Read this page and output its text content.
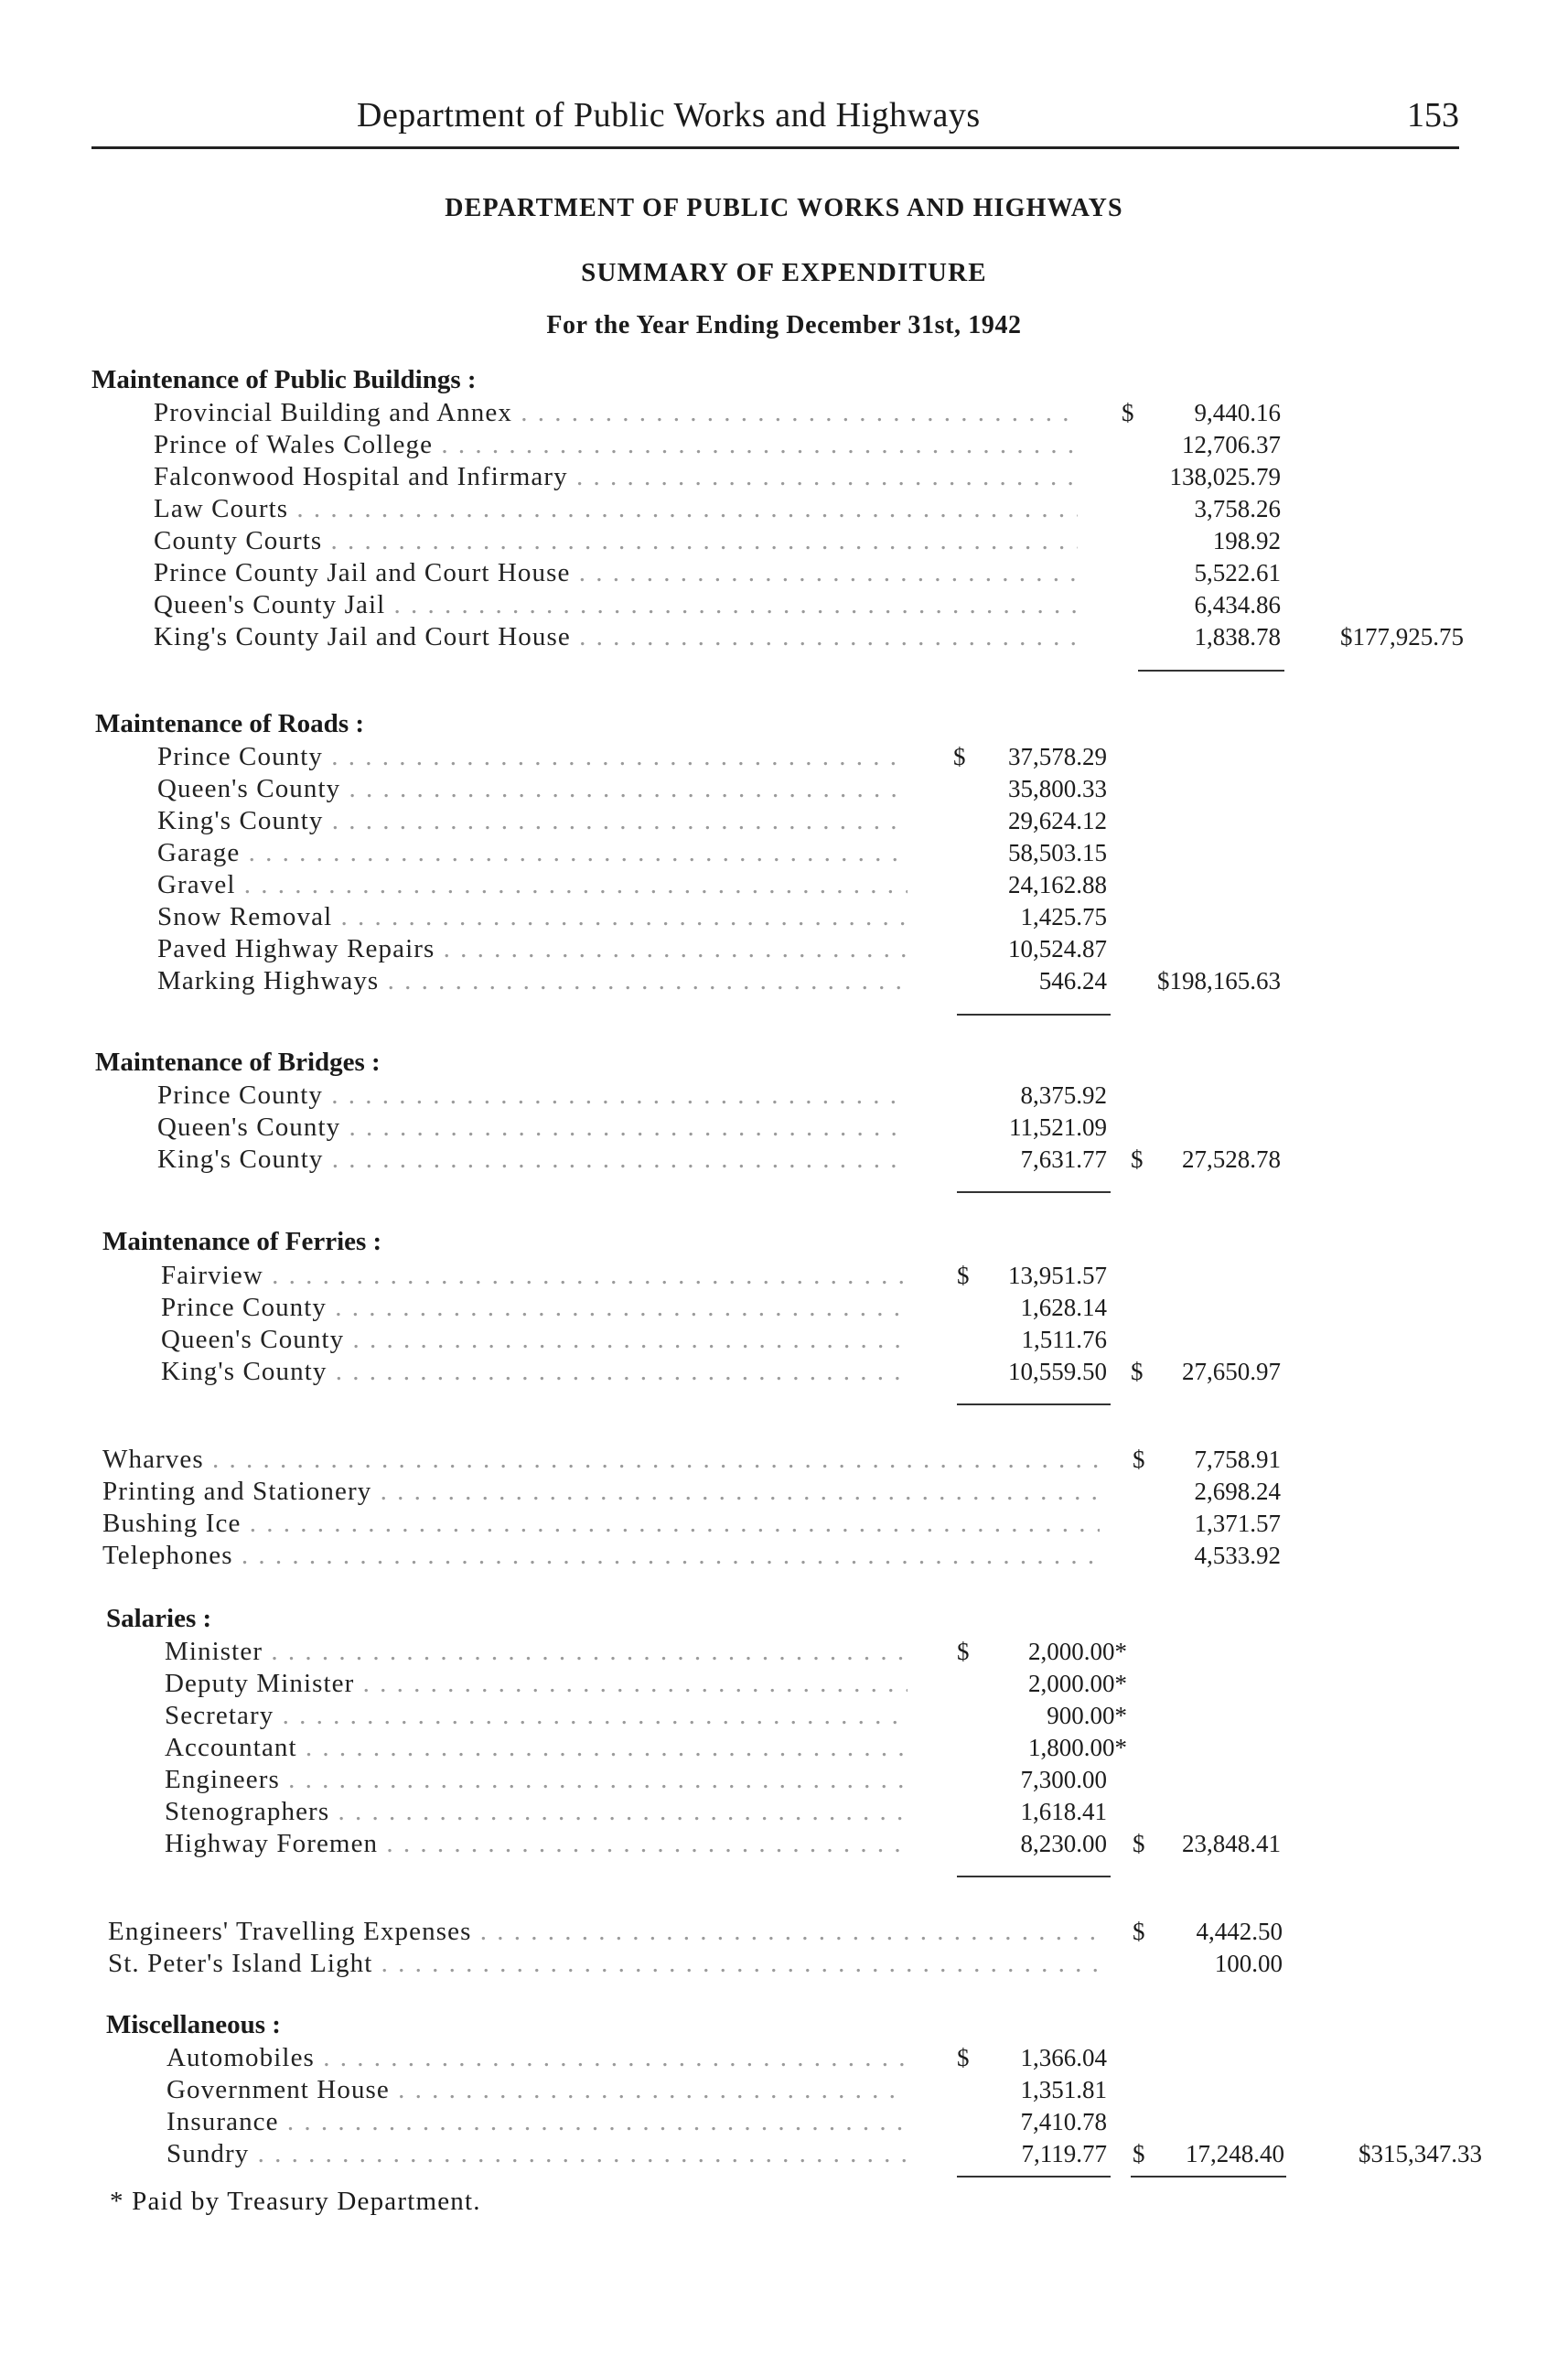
Department of Public Works and Highways	153
DEPARTMENT OF PUBLIC WORKS AND HIGHWAYS
SUMMARY OF EXPENDITURE
For the Year Ending December 31st, 1942
Maintenance of Public Buildings :
Provincial Building and Annex . . .	$	9,440.16
Prince of Wales College . . .	12,706.37
Falconwood Hospital and Infirmary . . .	138,025.79
Law Courts . . .	3,758.26
County Courts . . .	198.92
Prince County Jail and Court House . . .	5,522.61
Queen's County Jail . . .	6,434.86
King's County Jail and Court House . . .	1,838.78	$177,925.75
Maintenance of Roads :
Prince County . . .	$	37,578.29
Queen's County . . .	35,800.33
King's County . . .	29,624.12
Garage . . .	58,503.15
Gravel . . .	24,162.88
Snow Removal . . .	1,425.75
Paved Highway Repairs . . .	10,524.87
Marking Highways . . .	546.24	$198,165.63
Maintenance of Bridges :
Prince County . . .	8,375.92
Queen's County . . .	11,521.09
King's County . . .	7,631.77 $	27,528.78
Maintenance of Ferries :
Fairview . . .	$	13,951.57
Prince County . . .	1,628.14
Queen's County . . .	1,511.76
King's County . . .	10,559.50 $	27,650.97
Wharves . . .	$	7,758.91
Printing and Stationery . . .	2,698.24
Bushing Ice . . .	1,371.57
Telephones . . .	4,533.92
Salaries :
Minister . . .	$	2,000.00*
Deputy Minister . . .	2,000.00*
Secretary . . .	900.00*
Accountant . . .	1,800.00*
Engineers . . .	7,300.00
Stenographers . . .	1,618.41
Highway Foremen . . .	8,230.00 $	23,848.41
Engineers' Travelling Expenses . . .	$	4,442.50
St. Peter's Island Light . . .	100.00
Miscellaneous :
Automobiles . . .	$	1,366.04
Government House . . .	1,351.81
Insurance . . .	7,410.78
Sundry . . .	7,119.77 $	17,248.40	$315,347.33
* Paid by Treasury Department.
